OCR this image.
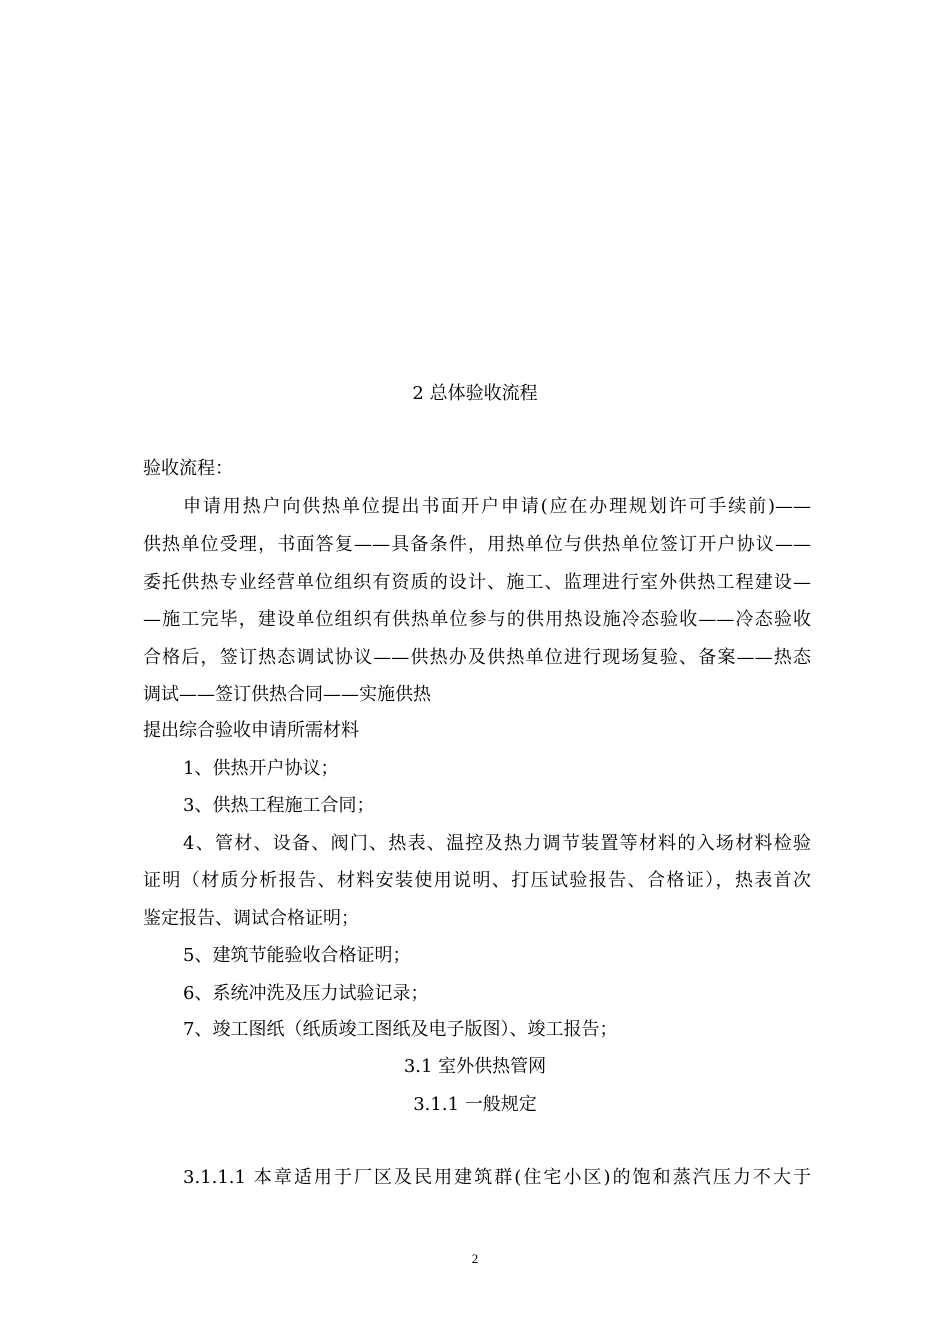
2 总体验收流程
验收流程：
申请用热户向供热单位提出书面开户申请(应在办理规划许可手续前)——
供热单位受理，书面答复——具备条件，用热单位与供热单位签订开户协议——
委托供热专业经营单位组织有资质的设计、施工、监理进行室外供热工程建设—
—施工完毕，建设单位组织有供热单位参与的供用热设施冷态验收——冷态验收
合格后，签订热态调试协议——供热办及供热单位进行现场复验、备案——热态
调试——签订供热合同——实施供热
提出综合验收申请所需材料
1、供热开户协议；
3、供热工程施工合同；
4、管材、设备、阀门、热表、温控及热力调节装置等材料的入场材料检验
证明（材质分析报告、材料安装使用说明、打压试验报告、合格证），热表首次
鉴定报告、调试合格证明；
5、建筑节能验收合格证明；
6、系统冲洗及压力试验记录；
7、竣工图纸（纸质竣工图纸及电子版图）、竣工报告；
3.1 室外供热管网
3.1.1 一般规定
3.1.1.1 本章适用于厂区及民用建筑群(住宅小区)的饱和蒸汽压力不大于
2
